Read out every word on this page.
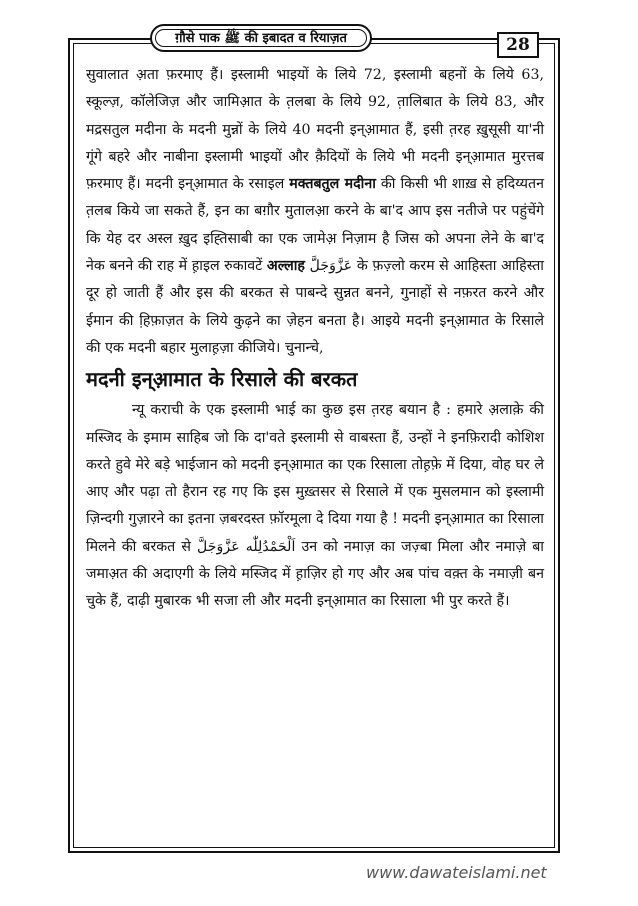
ग़ौसे पाक ﷺ की इबादत व रियाज़त	28

सुवालात अ़ता फ़रमाए हैं। इस्लामी भाइयों के लिये 72, इस्लामी बहनों के लिये 63, स्कूल्ज़, कॉलेजिज़ और जामिआ़त के त़लबा के लिये 92, त़ालिबात के लिये 83, और मद्रसतुल मदीना के मदनी मुन्नों के लिये 40 मदनी इन्आ़मात हैं, इसी त़रह ख़ुसूसी या'नी गूंगे बहरे और नाबीना इस्लामी भाइयों और क़ैदियों के लिये भी मदनी इन्आ़मात मुरत्तब फ़रमाए हैं। मदनी इन्आ़मात के रसाइल मक्तबतुल मदीना की किसी भी शाख़ से हदिय्यतन त़लब किये जा सकते हैं, इन का बग़ौर मुतालआ़ करने के बा'द आप इस नतीजे पर पहुंचेंगे कि येह दर अस्ल ख़ुद इह्तिसाबी का एक जामेअ़ निज़ाम है जिस को अपना लेने के बा'द नेक बनने की राह में ह़ाइल रुकावटें अल्लाह عَزَّوَجَلَّ के फ़ज़्लो करम से आहिस्ता आहिस्ता दूर हो जाती हैं और इस की बरकत से पाबन्दे सुन्नत बनने, गुनाहों से नफ़रत करने और ईमान की हि़फ़ाज़त के लिये कुढ़ने का ज़ेहन बनता है। आइये मदनी इन्आ़मात के रिसाले की एक मदनी बहार मुलाह़ज़ा कीजिये। चुनान्चे,

मदनी इन्आ़मात के रिसाले की बरकत

न्यू कराची के एक इस्लामी भाई का कुछ इस त़रह बयान है : हमारे अ़लाक़े की मस्जिद के इमाम साहिब जो कि दा'वते इस्लामी से वाबस्ता हैं, उन्हों ने इनफ़िरादी कोशिश करते हुवे मेरे बड़े भाईजान को मदनी इन्आ़मात का एक रिसाला तोह़फ़े में दिया, वोह घर ले आए और पढ़ा तो हैरान रह गए कि इस मुख़्तसर से रिसाले में एक मुसलमान को इस्लामी ज़िन्दगी गुज़ारने का इतना ज़बरदस्त फ़ॉरमूला दे दिया गया है ! मदनी इन्आ़मात का रिसाला मिलने की बरकत से اَلْحَمْدُلِلّٰه عَزَّوَجَلَّ उन को नमाज़ का जज़्बा मिला और नमाज़े बा जमाअ़त की अदाएगी के लिये मस्जिद में ह़ाज़िर हो गए और अब पांच वक़्त के नमाज़ी बन चुके हैं, दाढ़ी मुबारक भी सजा ली और मदनी इन्आ़मात का रिसाला भी पुर करते हैं।

www.dawateislami.net
